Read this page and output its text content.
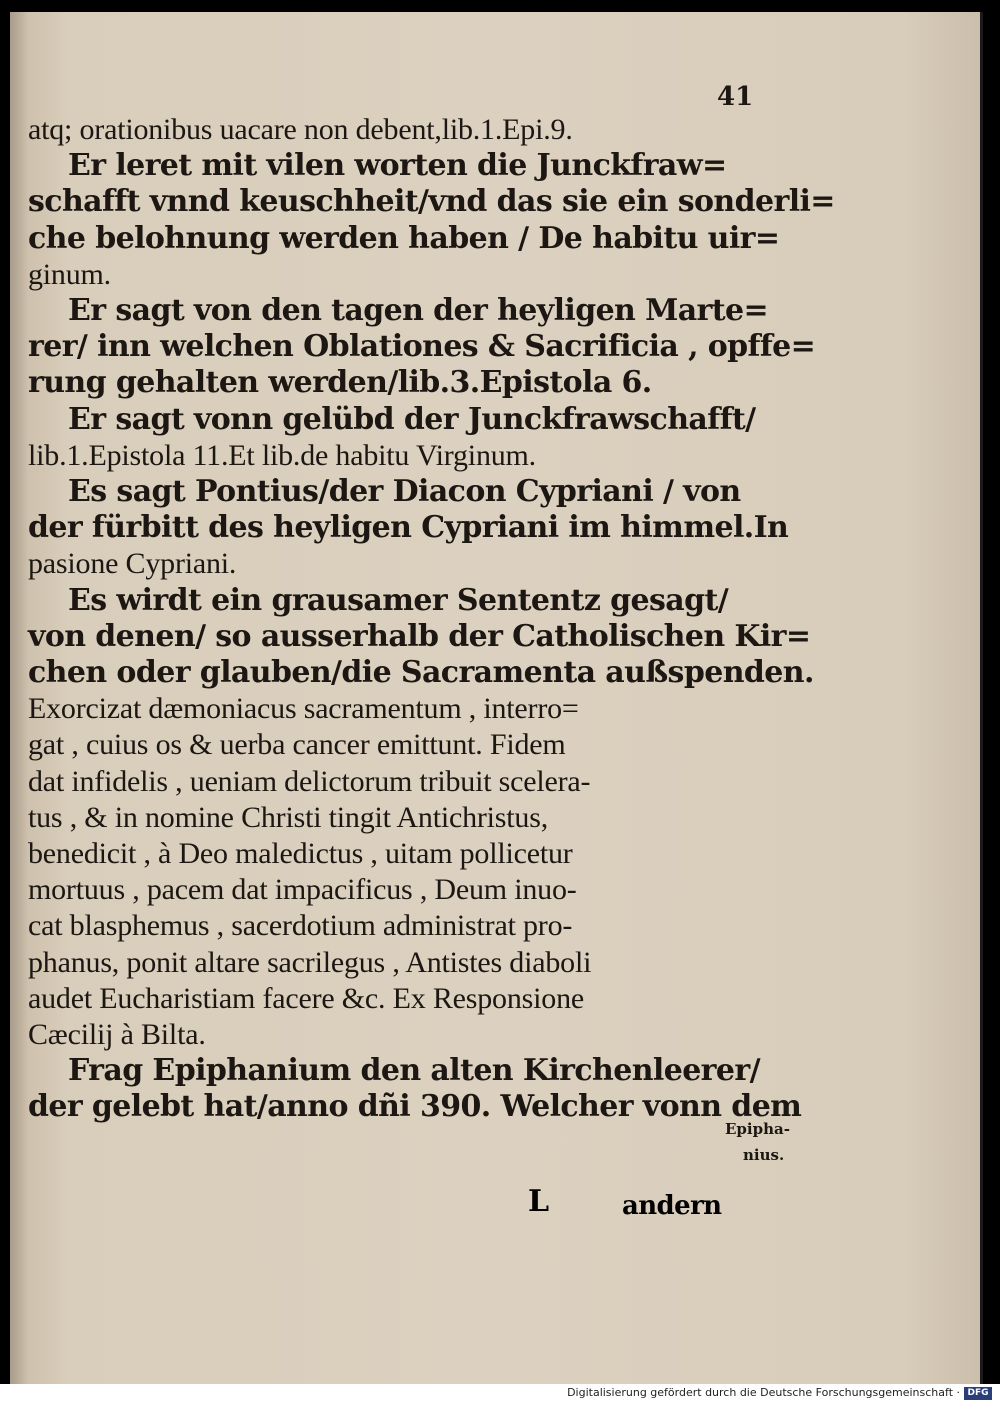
41
atq; orationibus uacare non debent,lib.1.Epi.9.
Er leret mit vilen worten die Junckfraw=
schafft vnnd keuschheit/vnd das sie ein sonderli=
che belohnung werden haben / De habitu uir=
ginum.
Er sagt von den tagen der heyligen Marte=
rer/ inn welchen Oblationes & Sacrificia , opffe=
rung gehalten werden/lib.3.Epistola 6.
Er sagt vonn gelübd der Junckfrawschafft/
lib.1.Epistola 11.Et lib.de habitu Virginum.
Es sagt Pontius/der Diacon Cypriani / von
der fürbitt des heyligen Cypriani im himmel.In
pasione Cypriani.
Es wirdt ein grausamer Sententz gesagt/
von denen/ so ausserhalb der Catholischen Kir=
chen oder glauben/die Sacramenta außspenden.
Exorcizat dæmoniacus sacramentum , interro=
gat , cuius os & uerba cancer emittunt. Fidem
dat infidelis , ueniam delictorum tribuit scelera-
tus , & in nomine Christi tingit Antichristus,
benedicit , à Deo maledictus , uitam pollicetur
mortuus , pacem dat impacificus , Deum inuo-
cat blasphemus , sacerdotium administrat pro-
phanus, ponit altare sacrilegus , Antistes diaboli
audet Eucharistiam facere &c. Ex Responsione
Cæcilij à Bilta.
Frag Epiphanium den alten Kirchenleerer/
der gelebt hat/anno dñi 390. Welcher vonn dem
Epipha-
nius.
L	andern
Digitalisierung gefördert durch die Deutsche Forschungsgemeinschaft · DFG
